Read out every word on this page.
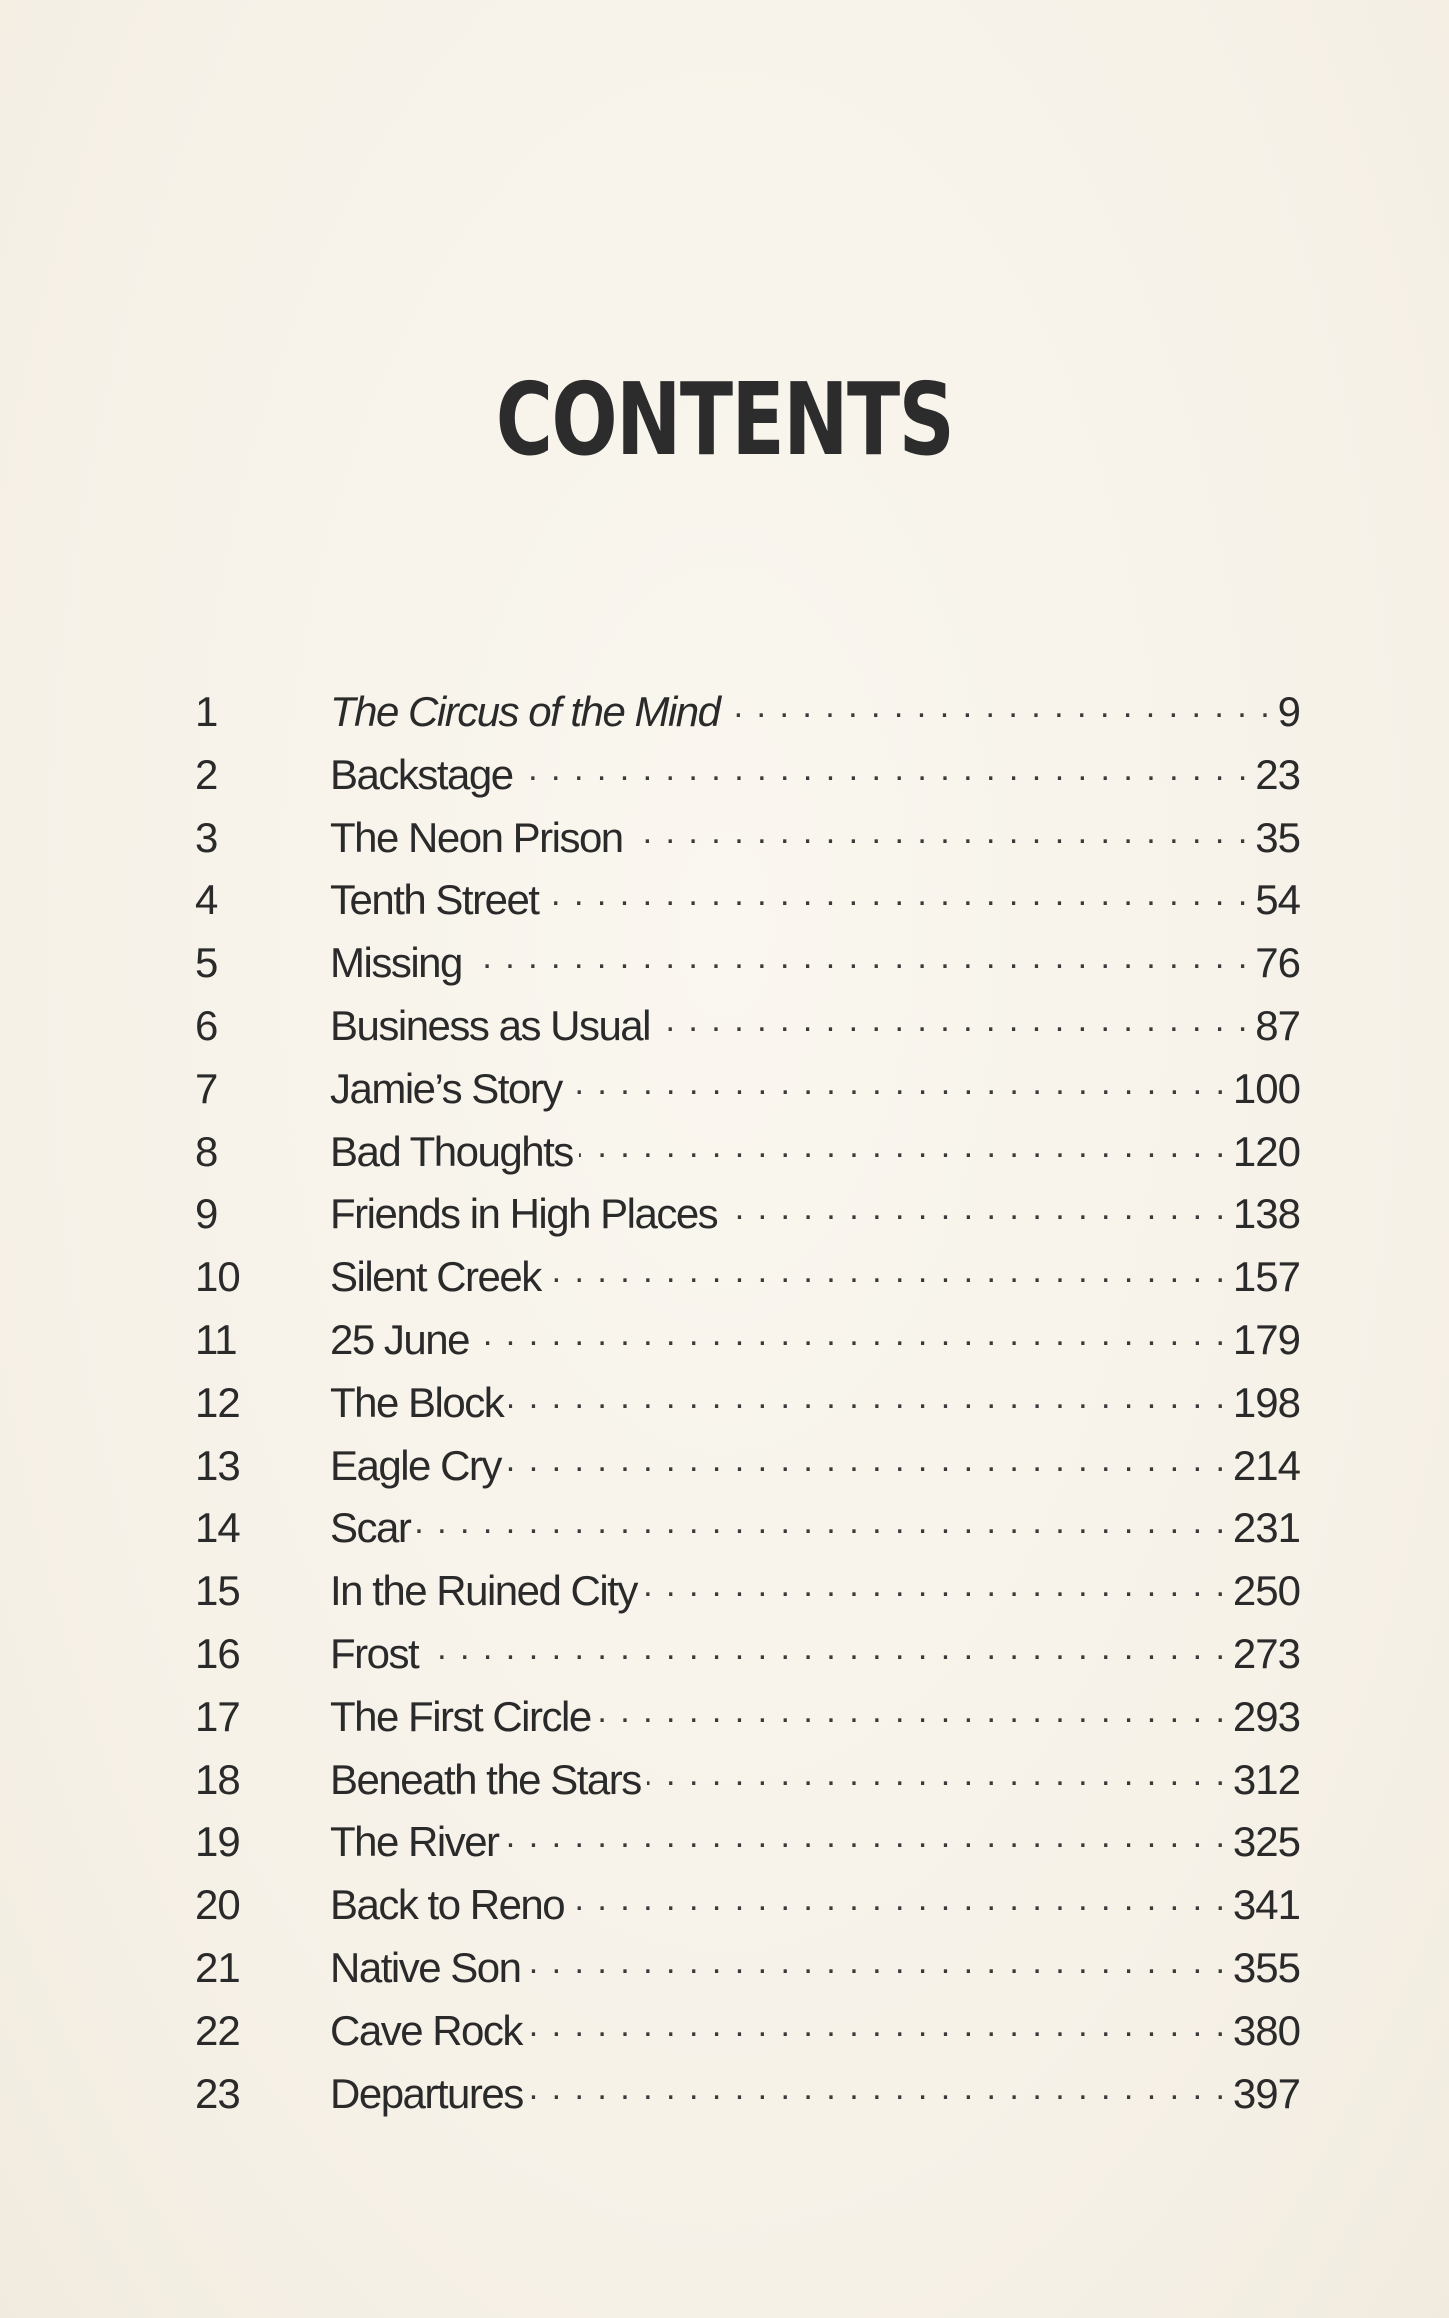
CONTENTS
1	The Circus of the Mind . . .	9
2	Backstage . . .	23
3	The Neon Prison . . .	35
4	Tenth Street . . .	54
5	Missing . . .	76
6	Business as Usual . . .	87
7	Jamie’s Story . . .	100
8	Bad Thoughts . . .	120
9	Friends in High Places . . .	138
10	Silent Creek . . .	157
11	25 June . . .	179
12	The Block . . .	198
13	Eagle Cry . . .	214
14	Scar . . .	231
15	In the Ruined City . . .	250
16	Frost . . .	273
17	The First Circle . . .	293
18	Beneath the Stars . . .	312
19	The River . . .	325
20	Back to Reno . . .	341
21	Native Son . . .	355
22	Cave Rock . . .	380
23	Departures . . .	397
